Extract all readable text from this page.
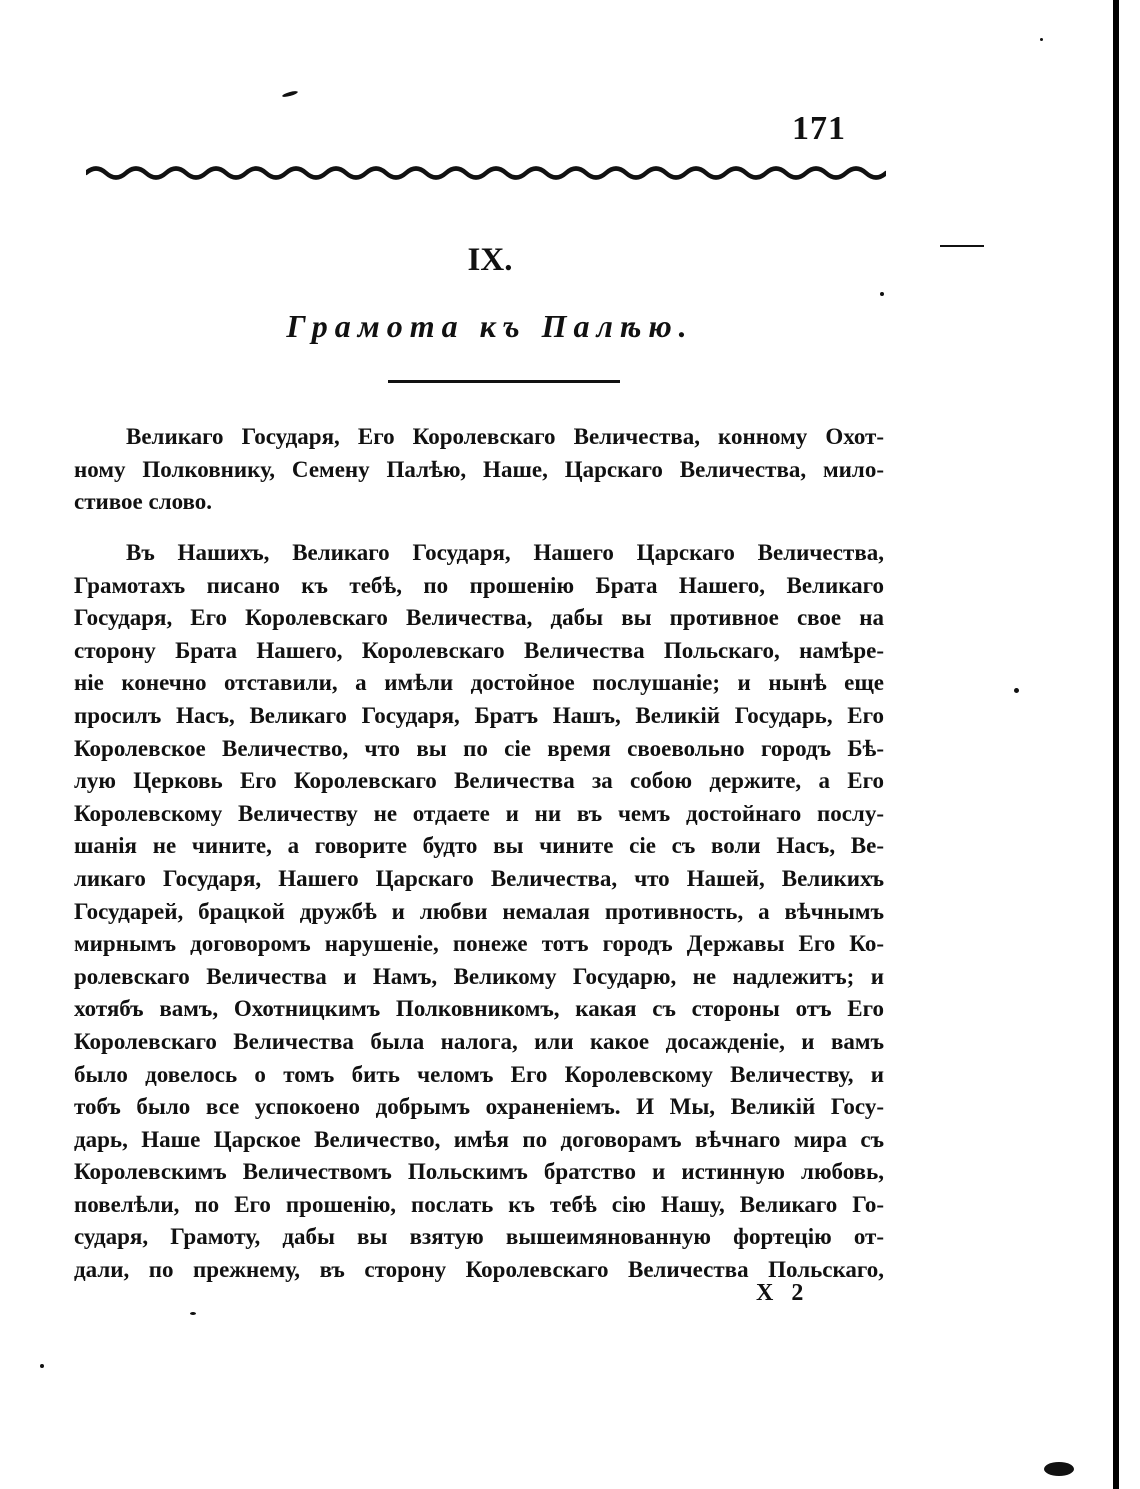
171
IX.
Грамота къ Палѣю.
Великаго Государя, Его Королевскаго Величества, конному Охот-
ному Полковнику, Семену Палѣю, Наше, Царскаго Величества, мило-
стивое слово.
Въ Нашихъ, Великаго Государя, Нашего Царскаго Величества,
Грамотахъ писано къ тебѣ, по прошенію Брата Нашего, Великаго
Государя, Его Королевскаго Величества, дабы вы противное свое на
сторону Брата Нашего, Королевскаго Величества Польскаго, намѣре-
ніе конечно отставили, а имѣли достойное послушаніе; и нынѣ еще
просилъ Насъ, Великаго Государя, Братъ Нашъ, Великій Государь, Его
Королевское Величество, что вы по сіе время своевольно городъ Бѣ-
лую Церковь Его Королевскаго Величества за собою держите, а Его
Королевскому Величеству не отдаете и ни въ чемъ достойнаго послу-
шанія не чините, а говорите будто вы чините сіе съ воли Насъ, Ве-
ликаго Государя, Нашего Царскаго Величества, что Нашей, Великихъ
Государей, брацкой дружбѣ и любви немалая противность, а вѣчнымъ
мирнымъ договоромъ нарушеніе, понеже тотъ городъ Державы Его Ко-
ролевскаго Величества и Намъ, Великому Государю, не надлежитъ; и
хотябъ вамъ, Охотницкимъ Полковникомъ, какая съ стороны отъ Его
Королевскаго Величества была налога, или какое досажденіе, и вамъ
было довелось о томъ бить челомъ Его Королевскому Величеству, и
тобъ было все успокоено добрымъ охраненіемъ. И Мы, Великій Госу-
дарь, Наше Царское Величество, имѣя по договорамъ вѣчнаго мира съ
Королевскимъ Величествомъ Польскимъ братство и истинную любовь,
повелѣли, по Его прошенію, послать къ тебѣ сію Нашу, Великаго Го-
сударя, Грамоту, дабы вы взятую вышеимянованную фортецію от-
дали, по прежнему, въ сторону Королевскаго Величества Польскаго,
X 2
